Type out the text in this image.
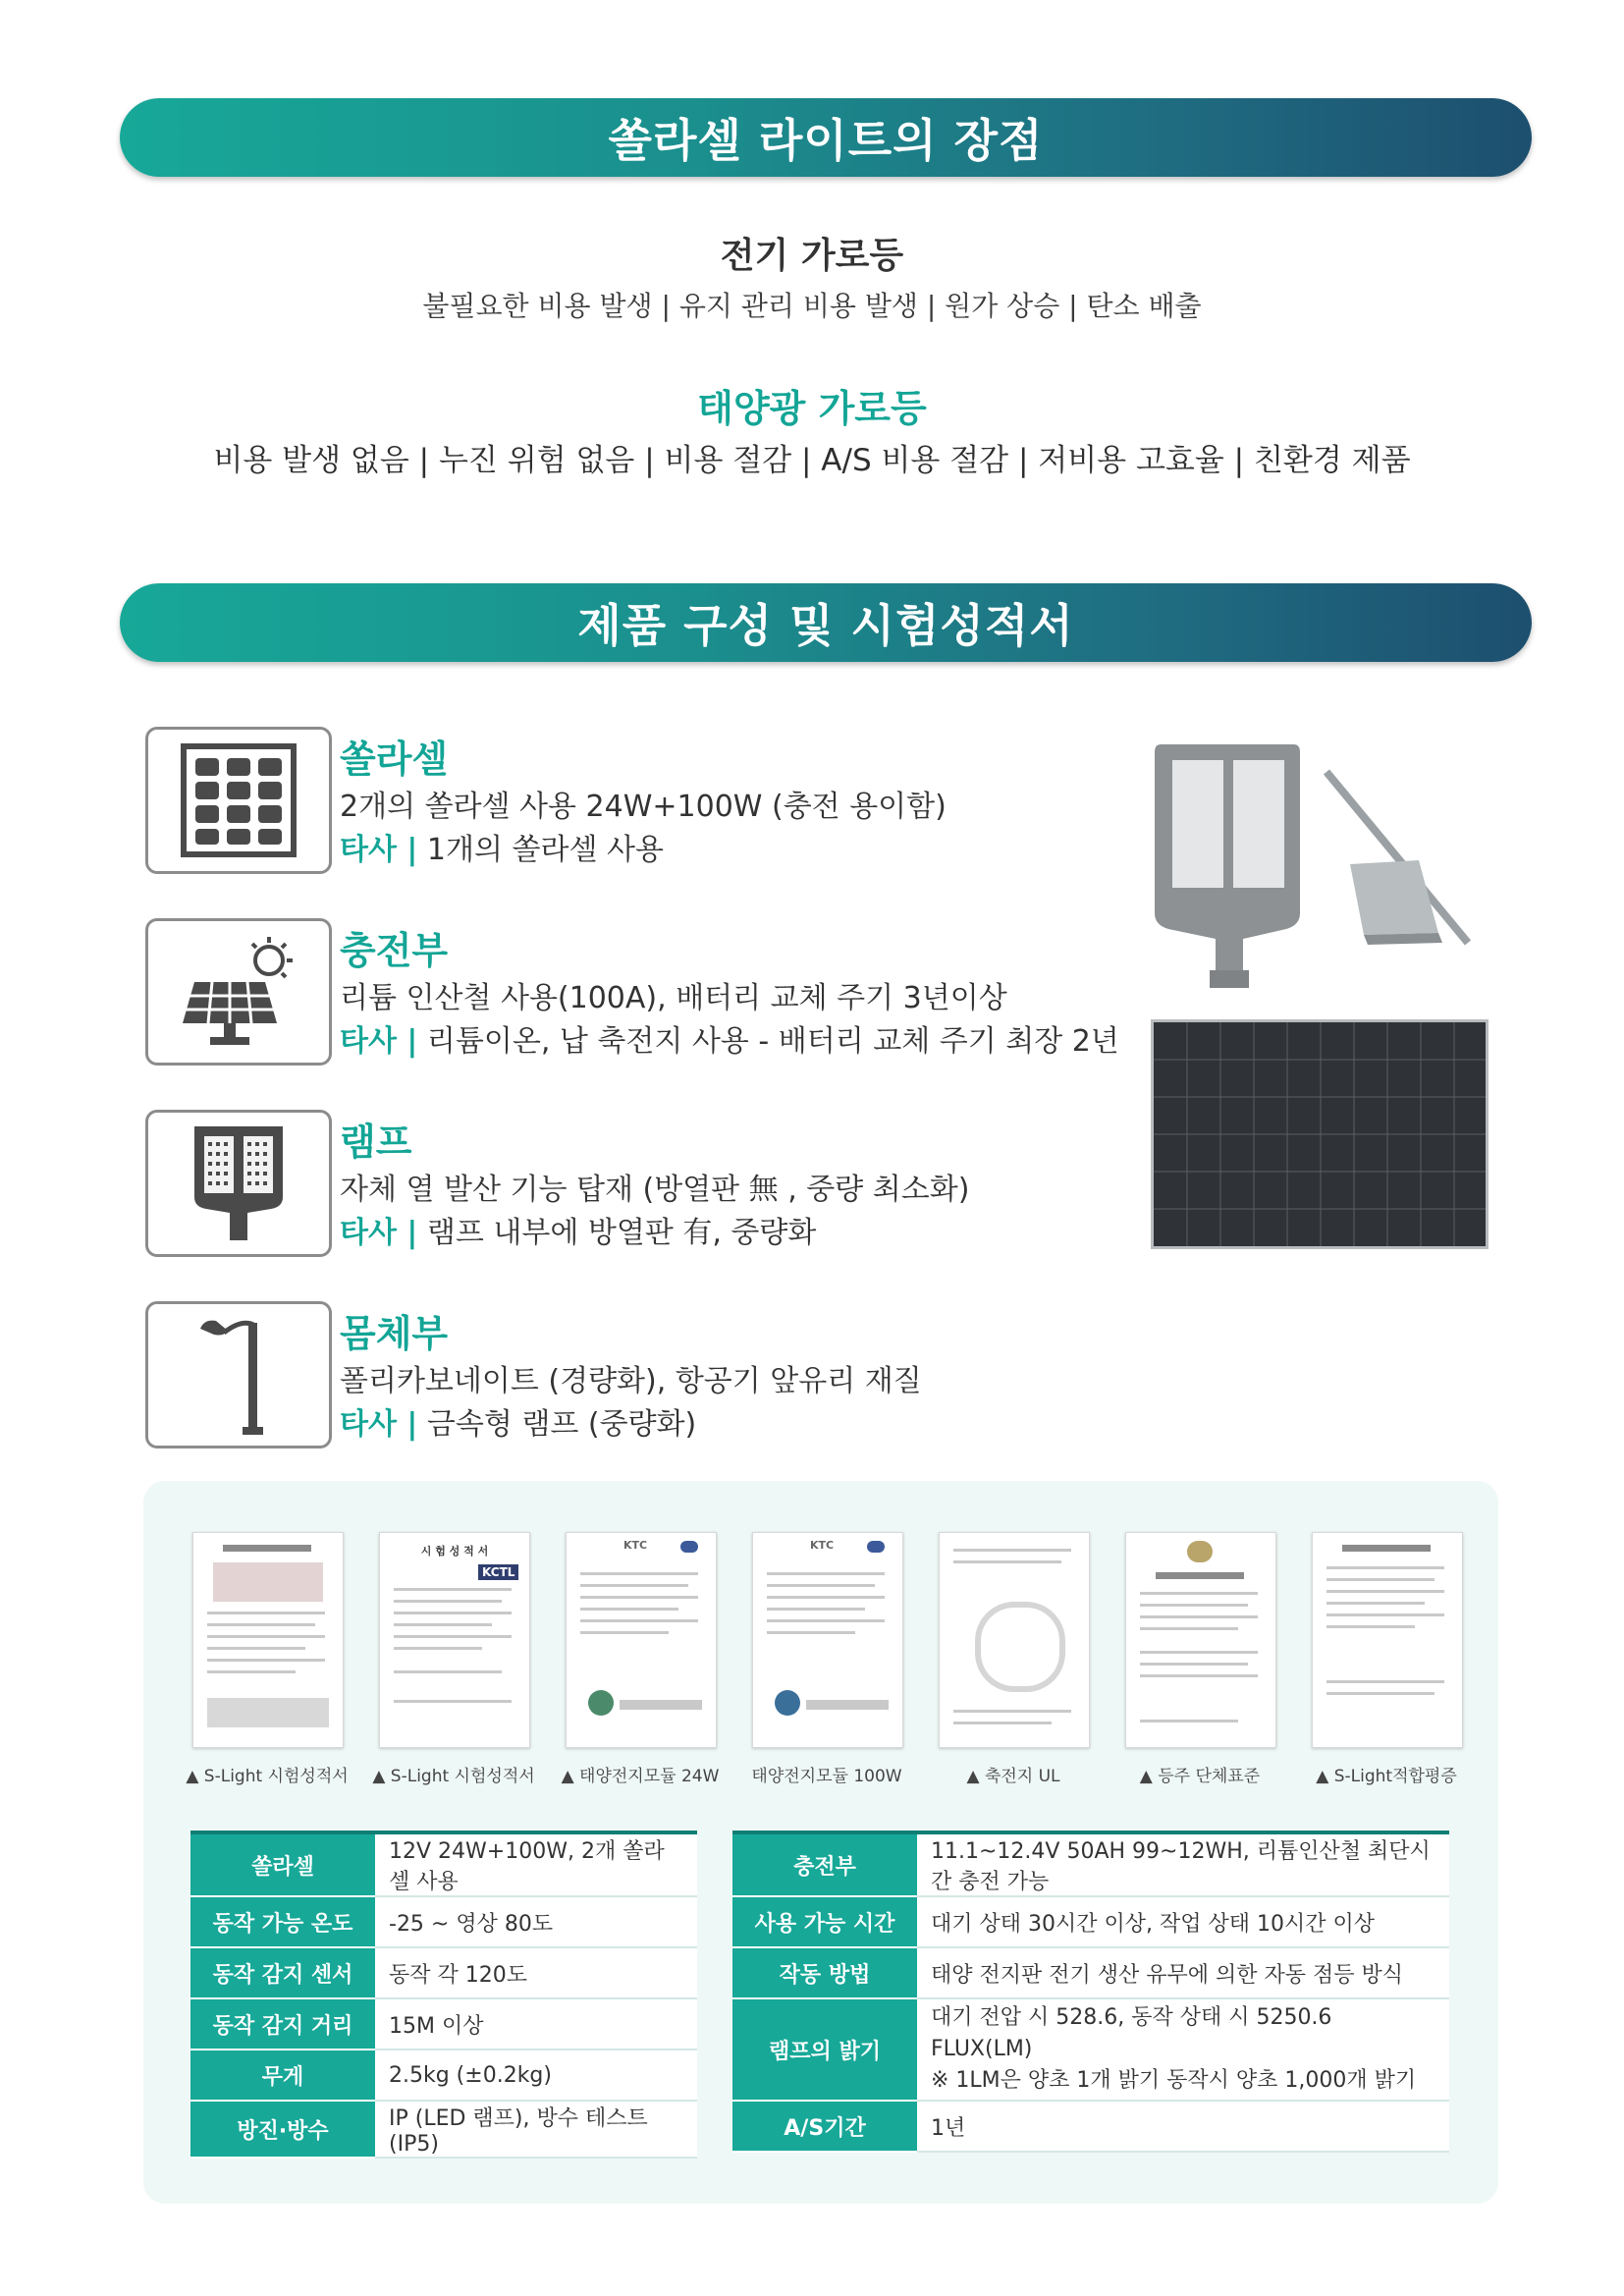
쏠라셀 라이트의 장점
전기 가로등
불필요한 비용 발생 | 유지 관리 비용 발생 | 원가 상승 | 탄소 배출
태양광 가로등
비용 발생 없음 | 누진 위험 없음 | 비용 절감 | A/S 비용 절감 | 저비용 고효율 | 친환경 제품
제품 구성 및 시험성적서
쏠라셀
2개의 쏠라셀 사용 24W+100W (충전 용이함)
타사 | 1개의 쏠라셀 사용
충전부
리튬 인산철 사용(100A), 배터리 교체 주기 3년이상
타사 | 리튬이온, 납 축전지 사용 - 배터리 교체 주기 최장 2년
램프
자체 열 발산 기능 탑재 (방열판 無 , 중량 최소화)
타사 | 램프 내부에 방열판 有, 중량화
몸체부
폴리카보네이트 (경량화), 항공기 앞유리 재질
타사 | 금속형 램프 (중량화)
시 험 성 적 서
KCTL
KTC	KTC
▲ S-Light 시험성적서	▲ S-Light 시험성적서	▲ 태양전지모듈 24W	태양전지모듈 100W	▲ 축전지 UL	▲ 등주 단체표준	▲ S-Light적합평증
쏠라셀	12V 24W+100W, 2개 쏠라셀 사용
동작 가능 온도	-25 ~ 영상 80도
동작 감지 센서	동작 각 120도
동작 감지 거리	15M 이상
무게	2.5kg (±0.2kg)
방진·방수	IP (LED 램프), 방수 테스트 (IP5)
충전부	11.1~12.4V 50AH 99~12WH, 리튬인산철 최단시간 충전 가능
사용 가능 시간	대기 상태 30시간 이상, 작업 상태 10시간 이상
작동 방법	태양 전지판 전기 생산 유무에 의한 자동 점등 방식
램프의 밝기	대기 전압 시 528.6, 동작 상태 시 5250.6 FLUX(LM)
※ 1LM은 양초 1개 밝기 동작시 양초 1,000개 밝기

A/S기간	1년
